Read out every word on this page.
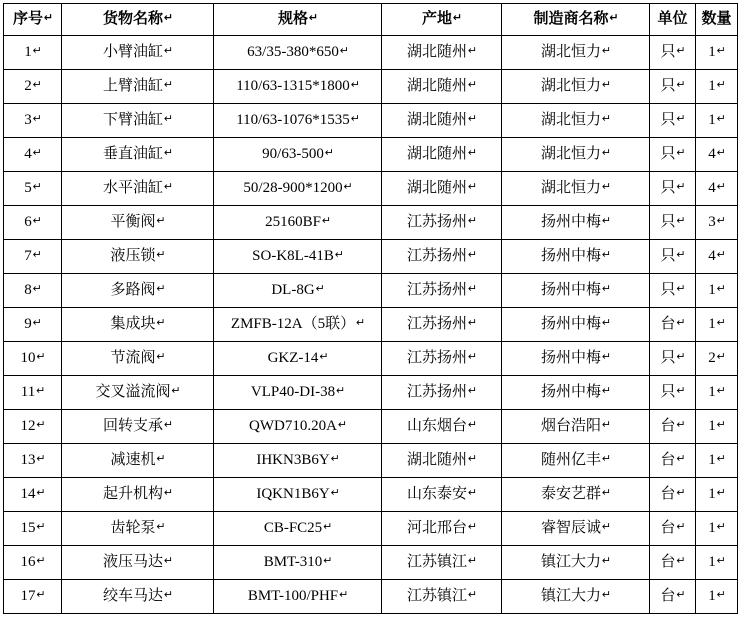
序号 ↵	货物名称 ↵	规格 ↵	产地 ↵	制造商名称 ↵	单位	数量
1 ↵	小臂油缸 ↵	63/35-380*650 ↵	湖北随州 ↵	湖北恒力 ↵	只 ↵	1 ↵

2 ↵	上臂油缸 ↵	110/63-1315*1800 ↵	湖北随州 ↵	湖北恒力 ↵	只 ↵	1 ↵

3 ↵	下臂油缸 ↵	110/63-1076*1535 ↵	湖北随州 ↵	湖北恒力 ↵	只 ↵	1 ↵

4 ↵	垂直油缸 ↵	90/63-500 ↵	湖北随州 ↵	湖北恒力 ↵	只 ↵	4 ↵

5 ↵	水平油缸 ↵	50/28-900*1200 ↵	湖北随州 ↵	湖北恒力 ↵	只 ↵	4 ↵

6 ↵	平衡阀 ↵	25160BF ↵	江苏扬州 ↵	扬州中梅 ↵	只 ↵	3 ↵

7 ↵	液压锁 ↵	SO-K8L-41B ↵	江苏扬州 ↵	扬州中梅 ↵	只 ↵	4 ↵

8 ↵	多路阀 ↵	DL-8G ↵	江苏扬州 ↵	扬州中梅 ↵	只 ↵	1 ↵

9 ↵	集成块 ↵	ZMFB-12A（5联） ↵	江苏扬州 ↵	扬州中梅 ↵	台 ↵	1 ↵

10 ↵	节流阀 ↵	GKZ-14 ↵	江苏扬州 ↵	扬州中梅 ↵	只 ↵	2 ↵

11 ↵	交叉溢流阀 ↵	VLP40-DI-38 ↵	江苏扬州 ↵	扬州中梅 ↵	只 ↵	1 ↵

12 ↵	回转支承 ↵	QWD710.20A ↵	山东烟台 ↵	烟台浩阳 ↵	台 ↵	1 ↵

13 ↵	减速机 ↵	IHKN3B6Y ↵	湖北随州 ↵	随州亿丰 ↵	台 ↵	1 ↵

14 ↵	起升机构 ↵	IQKN1B6Y ↵	山东泰安 ↵	泰安艺群 ↵	台 ↵	1 ↵

15 ↵	齿轮泵 ↵	CB-FC25 ↵	河北邢台 ↵	睿智辰诚 ↵	台 ↵	1 ↵

16 ↵	液压马达 ↵	BMT-310 ↵	江苏镇江 ↵	镇江大力 ↵	台 ↵	1 ↵

17 ↵	绞车马达 ↵	BMT-100/PHF ↵	江苏镇江 ↵	镇江大力 ↵	台 ↵	1 ↵
